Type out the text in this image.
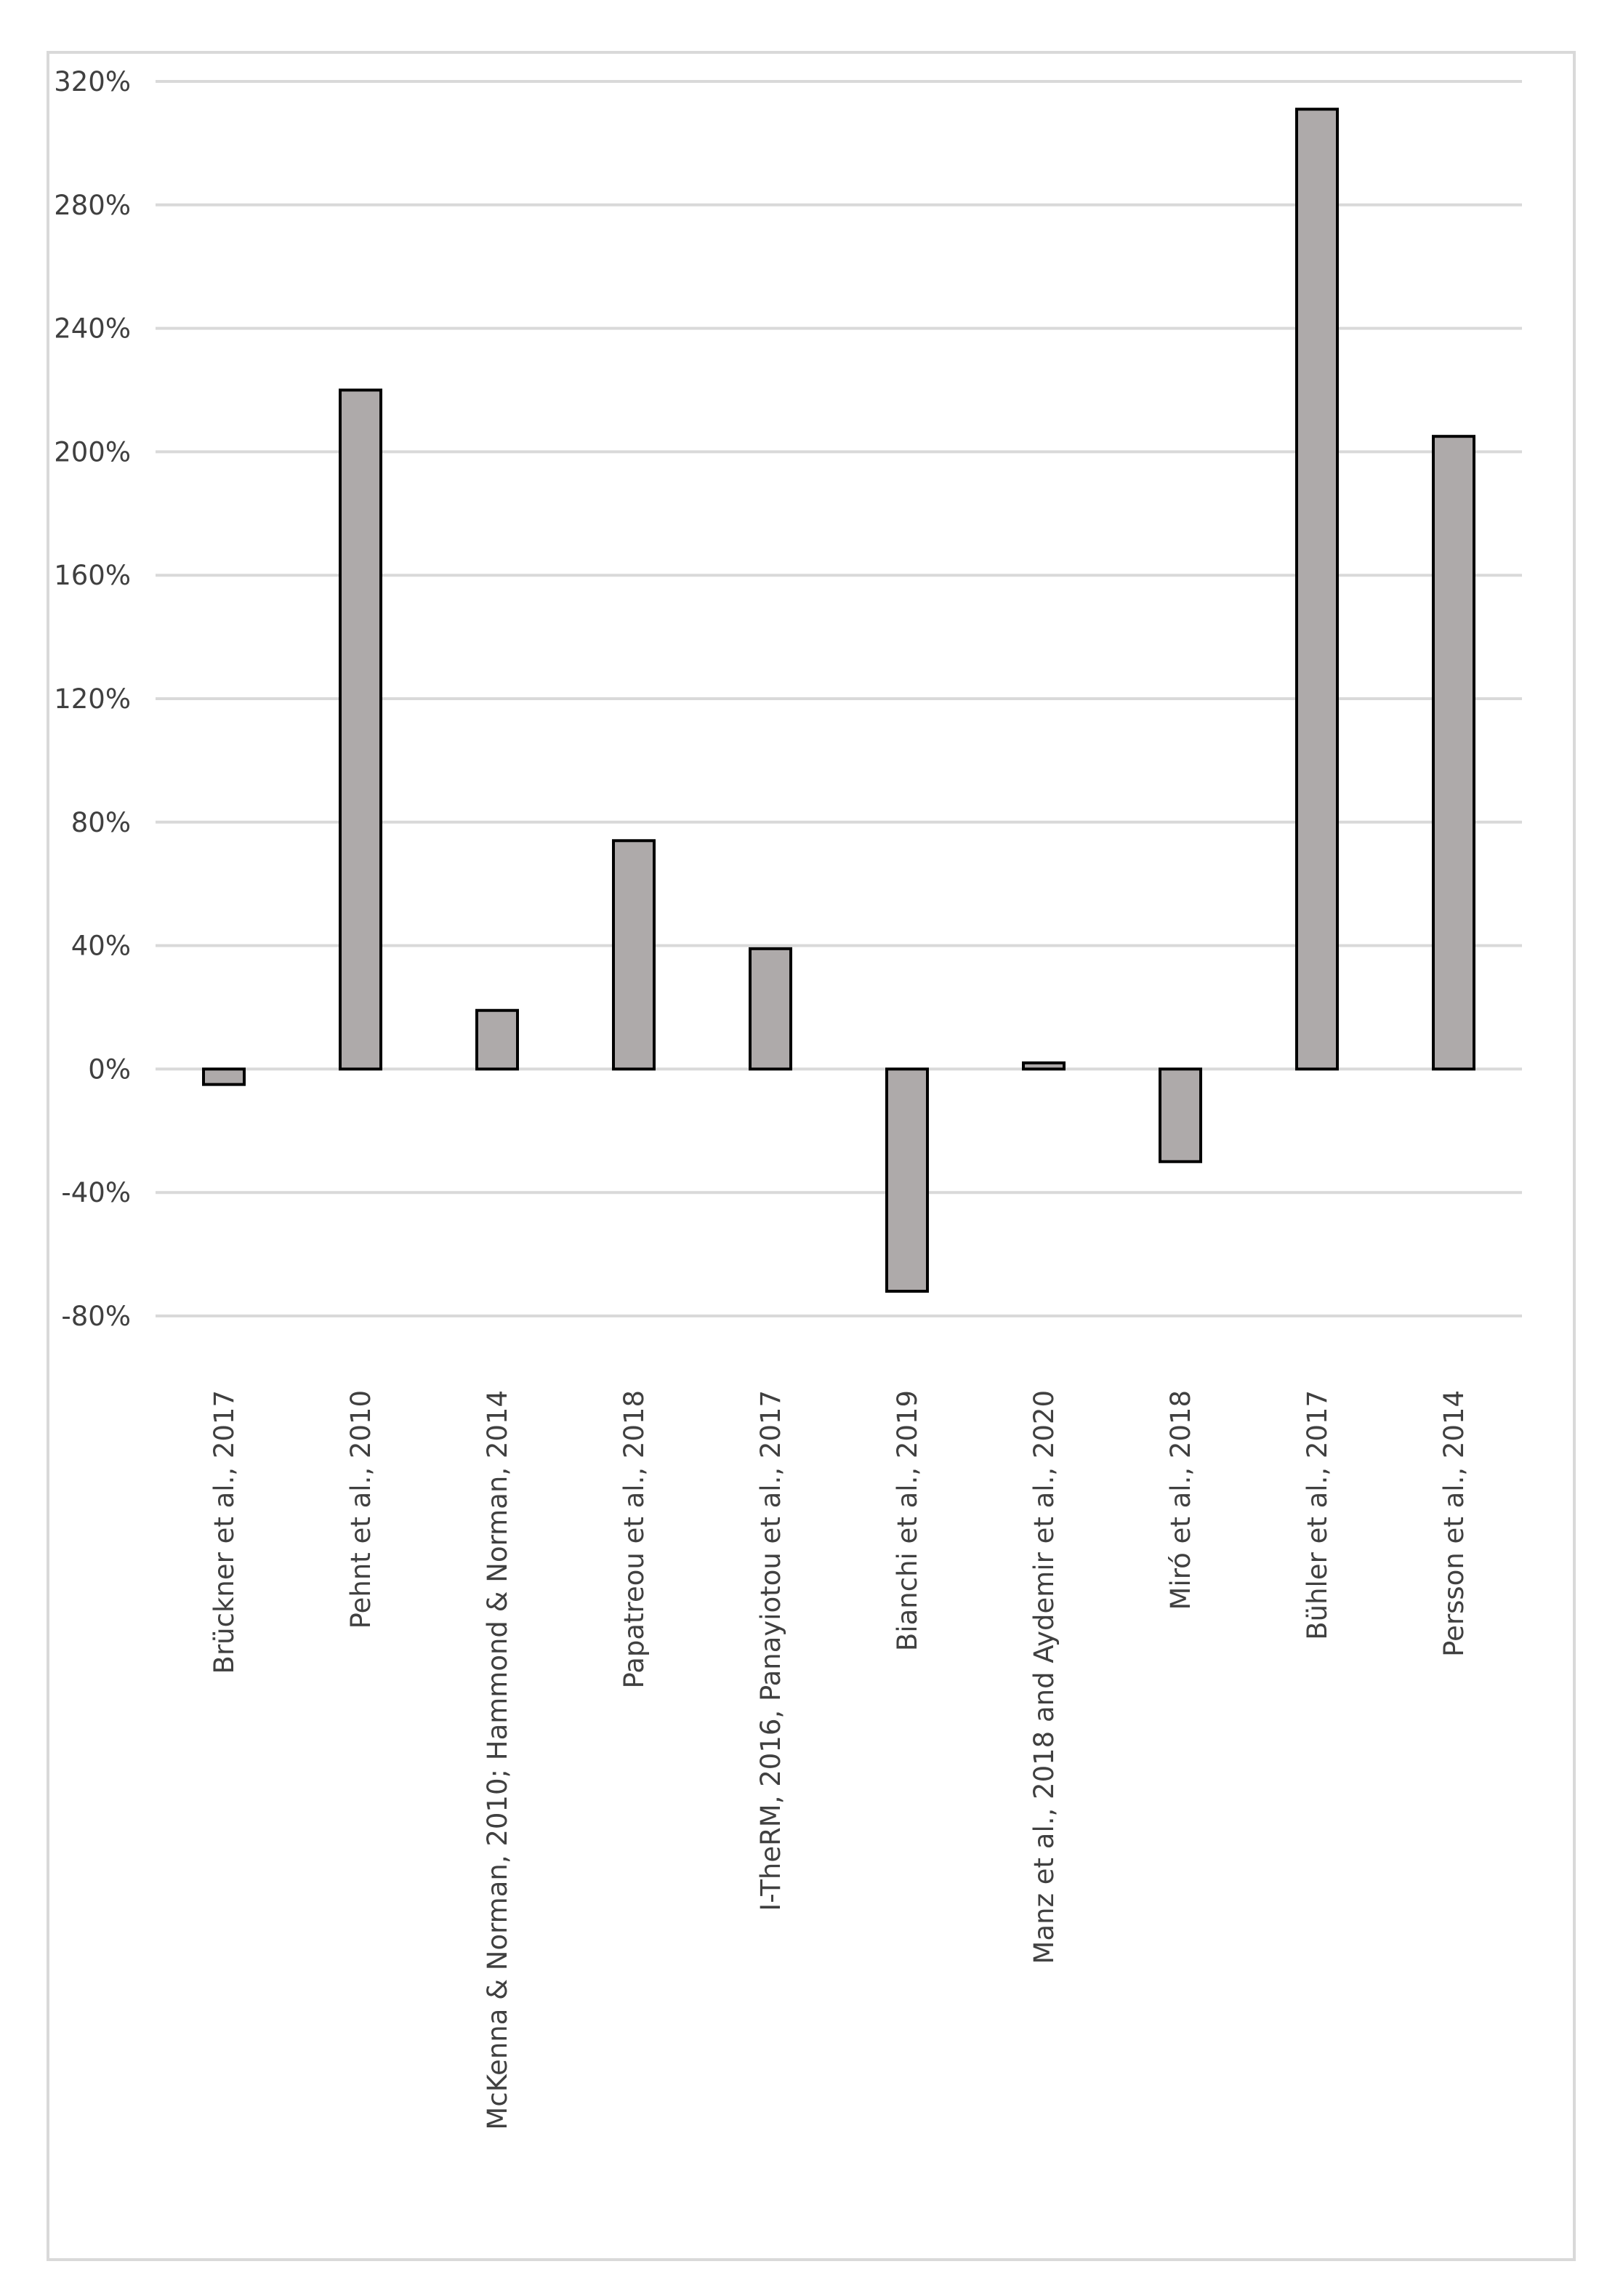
320%
280%
240%
200%
160%
120%
80%
40%
0%
-40%
-80%
Brückner et al., 2017	Pehnt et al., 2010	McKenna & Norman, 2010; Hammond & Norman, 2014	Papatreou et al., 2018	I-TheRM, 2016, Panayiotou et al., 2017	Bianchi et al., 2019	Manz et al., 2018 and Aydemir et al., 2020	Miró et al., 2018	Bühler et al., 2017	Persson et al., 2014
